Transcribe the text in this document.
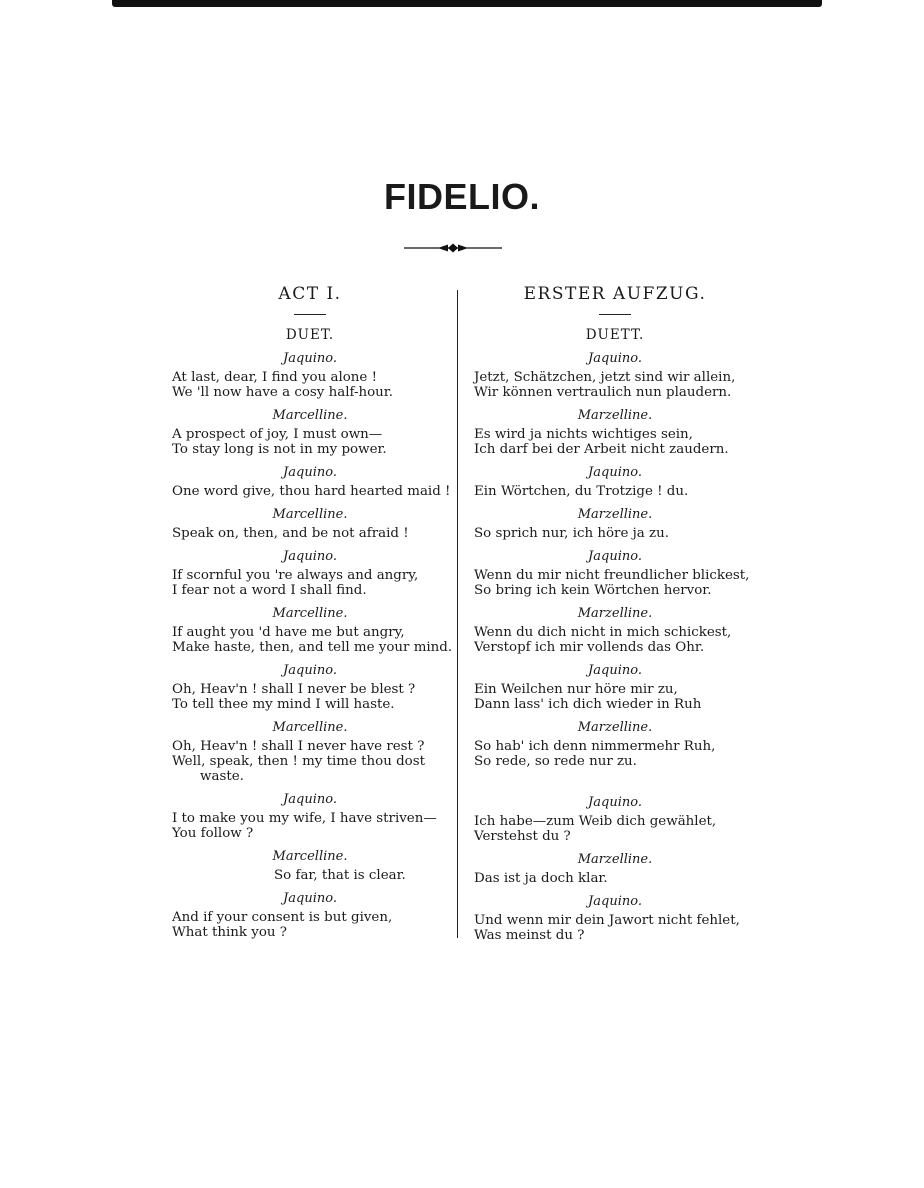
FIDELIO.
ACT I.
DUET.
Jaquino.
At last, dear, I find you alone !
We 'll now have a cosy half-hour.
Marcelline.
A prospect of joy, I must own—
To stay long is not in my power.
Jaquino.
One word give, thou hard hearted maid !
Marcelline.
Speak on, then, and be not afraid !
Jaquino.
If scornful you 're always and angry,
I fear not a word I shall find.
Marcelline.
If aught you 'd have me but angry,
Make haste, then, and tell me your mind.
Jaquino.
Oh, Heav'n ! shall I never be blest ?
To tell thee my mind I will haste.
Marcelline.
Oh, Heav'n ! shall I never have rest ?
Well, speak, then ! my time thou dost
waste.
Jaquino.
I to make you my wife, I have striven—
You follow ?
Marcelline.
So far, that is clear.
Jaquino.
And if your consent is but given,
What think you ?
ERSTER AUFZUG.
DUETT.
Jaquino.
Jetzt, Schätzchen, jetzt sind wir allein,
Wir können vertraulich nun plaudern.
Marzelline.
Es wird ja nichts wichtiges sein,
Ich darf bei der Arbeit nicht zaudern.
Jaquino.
Ein Wörtchen, du Trotzige ! du.
Marzelline.
So sprich nur, ich höre ja zu.
Jaquino.
Wenn du mir nicht freundlicher blickest,
So bring ich kein Wörtchen hervor.
Marzelline.
Wenn du dich nicht in mich schickest,
Verstopf ich mir vollends das Ohr.
Jaquino.
Ein Weilchen nur höre mir zu,
Dann lass' ich dich wieder in Ruh
Marzelline.
So hab' ich denn nimmermehr Ruh,
So rede, so rede nur zu.
Jaquino.
Ich habe—zum Weib dich gewählet,
Verstehst du ?
Marzelline.
Das ist ja doch klar.
Jaquino.
Und wenn mir dein Jawort nicht fehlet,
Was meinst du ?
